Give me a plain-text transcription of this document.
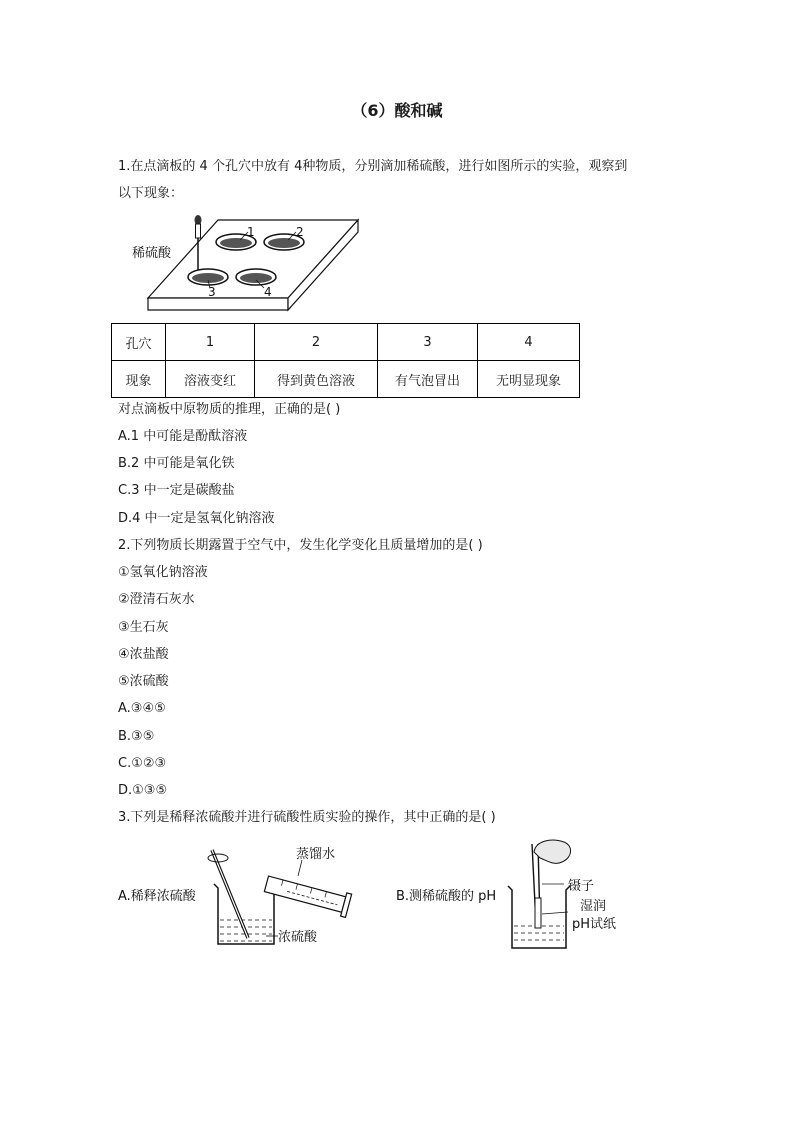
（6）酸和碱
1.在点滴板的 4 个孔穴中放有 4种物质，分别滴加稀硫酸，进行如图所示的实验，观察到
以下现象：
1	2
3	4
稀硫酸
孔穴	1	2	3	4
现象	溶液变红	得到黄色溶液	有气泡冒出	无明显现象
对点滴板中原物质的推理，正确的是( )
A.1 中可能是酚酞溶液
B.2 中可能是氧化铁
C.3 中一定是碳酸盐
D.4 中一定是氢氧化钠溶液
2.下列物质长期露置于空气中，发生化学变化且质量增加的是( )
①氢氧化钠溶液
②澄清石灰水
③生石灰
④浓盐酸
⑤浓硫酸
A.③④⑤
B.③⑤
C.①②③
D.①③⑤
3.下列是稀释浓硫酸并进行硫酸性质实验的操作，其中正确的是( )
A.稀释浓硫酸
蒸馏水
浓硫酸
B.测稀硫酸的 pH
镊子
湿润
pH试纸
